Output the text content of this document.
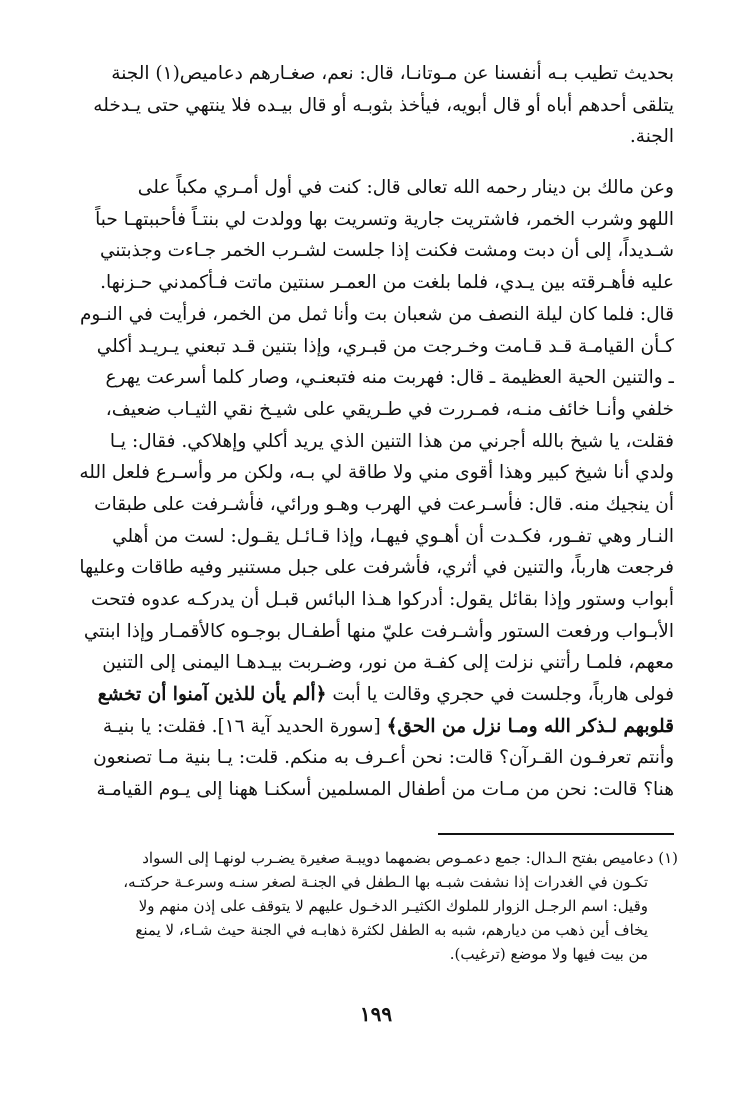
بحديث تطيب بـه أنفسنا عن مـوتانـا، قال: نعم، صغـارهم دعاميص(١) الجنة
يتلقى أحدهم أباه أو قال أبويه، فيأخذ بثوبـه أو قال بيـده فلا ينتهي حتى يـدخله
الجنة.
وعن مالك بن دينار رحمه الله تعالى قال: كنت في أول أمـري مكباً على
اللهو وشرب الخمر، فاشتريت جارية وتسريت بها وولدت لي بنتـاً فأحببتهـا حباً
شـديداً، إلى أن دبت ومشت فكنت إذا جلست لشـرب الخمر جـاءت وجذبتني
عليه فأهـرقته بين يـدي، فلما بلغت من العمـر سنتين ماتت فـأكمدني حـزنها.
قال: فلما كان ليلة النصف من شعبان بت وأنا ثمل من الخمر، فرأيت في النـوم
كـأن القيامـة قـد قـامت وخـرجت من قبـري، وإذا بتنين قـد تبعني يـريـد أكلي
ـ والتنين الحية العظيمة ـ قال: فهربت منه فتبعنـي، وصار كلما أسرعت يهرع
خلفي وأنـا خائف منـه، فمـررت في طـريقي على شيـخ نقي الثيـاب ضعيف،
فقلت، يا شيخ بالله أجرني من هذا التنين الذي يريد أكلي وإهلاكي. فقال: يـا
ولدي أنا شيخ كبير وهذا أقوى مني ولا طاقة لي بـه، ولكن مر وأسـرع فلعل الله
أن ينجيك منه. قال: فأسـرعت في الهرب وهـو ورائي، فأشـرفت على طبقات
النـار وهي تفـور، فكـدت أن أهـوي فيهـا، وإذا قـائـل يقـول: لست من أهلي
فرجعت هارباً، والتنين في أثري، فأشرفت على جبل مستنير وفيه طاقات وعليها
أبواب وستور وإذا بقائل يقول: أدركوا هـذا البائس قبـل أن يدركـه عدوه فتحت
الأبـواب ورفعت الستور وأشـرفت عليّ منها أطفـال بوجـوه كالأقمـار وإذا ابنتي
معهم، فلمـا رأتني نزلت إلى كفـة من نور، وضـربت بيـدهـا اليمنى إلى التنين
فولى هارباً، وجلست في حجري وقالت يا أبت ﴿ألم يأن للذين آمنوا أن تخشع
قلوبهم لـذكر الله ومـا نزل من الحق﴾ [سورة الحديد آية ١٦]. فقلت: يا بنيـة
وأنتم تعرفـون القـرآن؟ قالت: نحن أعـرف به منكم. قلت: يـا بنية مـا تصنعون
هنا؟ قالت: نحن من مـات من أطفال المسلمين أسكنـا ههنا إلى يـوم القيامـة
(١) دعاميص بفتح الـدال: جمع دعمـوص بضمهما دويبـة صغيرة يضـرب لونهـا إلى السواد
تكـون في الغدرات إذا نشفت شبـه بها الـطفل في الجنـة لصغر سنـه وسرعـة حركتـه،
وقيل: اسم الرجـل الزوار للملوك الكثيـر الدخـول عليهم لا يتوقف على إذن منهم ولا
يخاف أين ذهب من ديارهم، شبه به الطفل لكثرة ذهابـه في الجنة حيث شـاء، لا يمنع
من بيت فيها ولا موضع (ترغيب).
١٩٩
